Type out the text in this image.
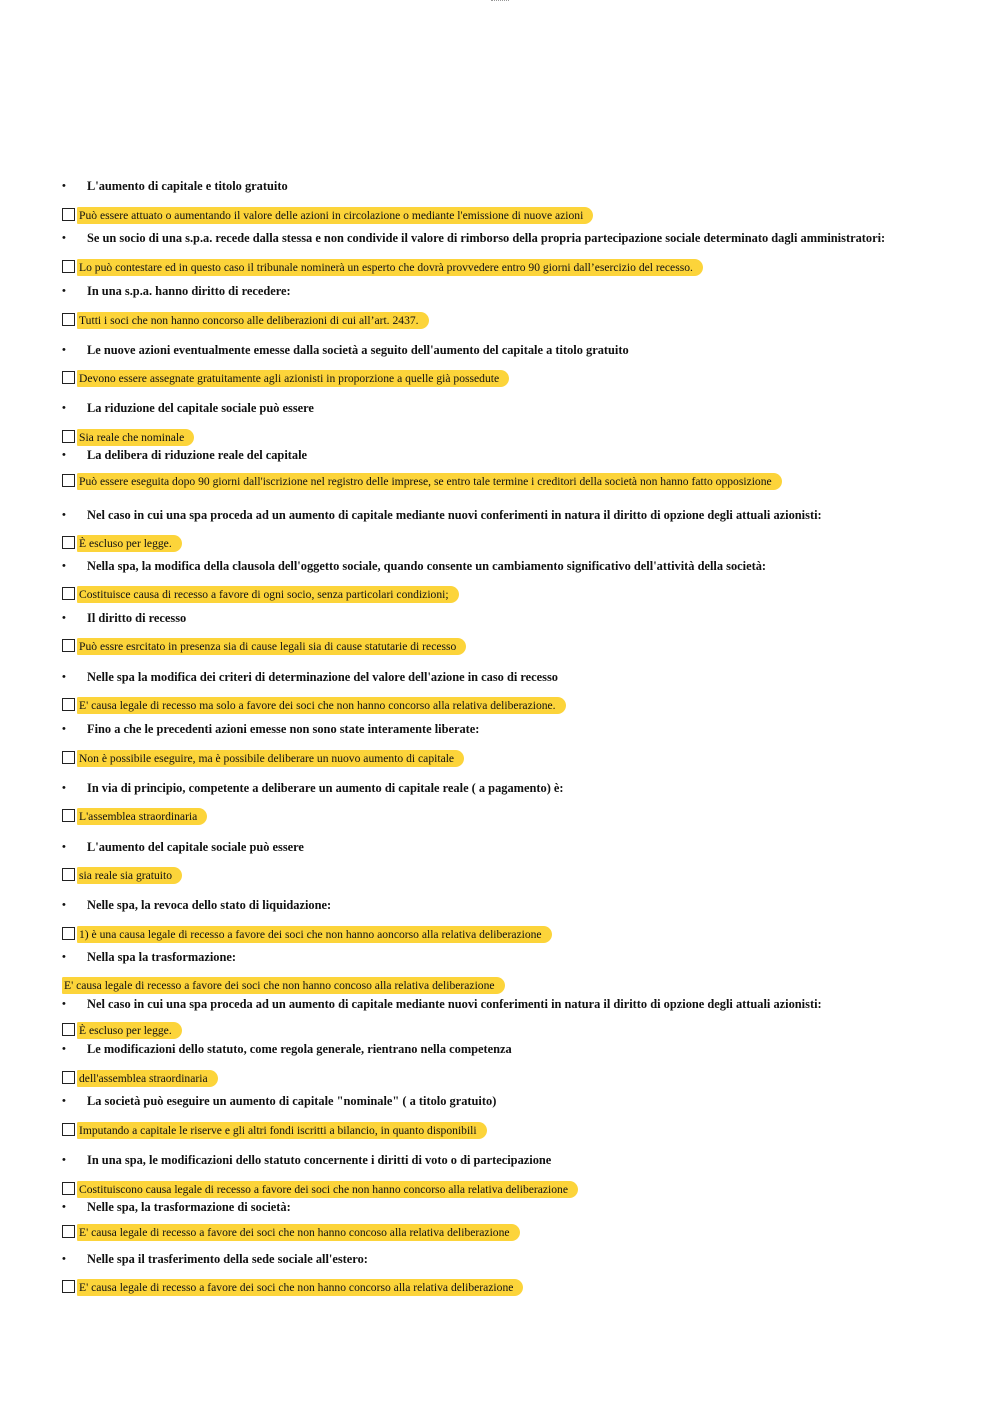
• L'aumento di capitale e titolo gratuito
Può essere attuato o aumentando il valore delle azioni in circolazione o mediante l'emissione di nuove azioni
• Se un socio di una s.p.a. recede dalla stessa e non condivide il valore di rimborso della propria partecipazione sociale determinato dagli amministratori:
Lo può contestare ed in questo caso il tribunale nominerà un esperto che dovrà provvedere entro 90 giorni dall’esercizio del recesso.
• In una s.p.a. hanno diritto di recedere:
Tutti i soci che non hanno concorso alle deliberazioni di cui all’art. 2437.
• Le nuove azioni eventualmente emesse dalla società a seguito dell'aumento del capitale a titolo gratuito
Devono essere assegnate gratuitamente agli azionisti in proporzione a quelle già possedute
• La riduzione del capitale sociale può essere
Sia reale che nominale
• La delibera di riduzione reale del capitale
Può essere eseguita dopo 90 giorni dall'iscrizione nel registro delle imprese, se entro tale termine i creditori della società non hanno fatto opposizione
• Nel caso in cui una spa proceda ad un aumento di capitale mediante nuovi conferimenti in natura il diritto di opzione degli attuali azionisti:
È escluso per legge.
• Nella spa, la modifica della clausola dell'oggetto sociale, quando consente un cambiamento significativo dell'attività della società:
Costituisce causa di recesso a favore di ogni socio, senza particolari condizioni;
• Il diritto di recesso
Può essre esrcitato in presenza sia di cause legali sia di cause statutarie di recesso
• Nelle spa la modifica dei criteri di determinazione del valore dell'azione in caso di recesso
E' causa legale di recesso ma solo a favore dei soci che non hanno concorso alla relativa deliberazione.
• Fino a che le precedenti azioni emesse non sono state interamente liberate:
Non è possibile eseguire, ma è possibile deliberare un nuovo aumento di capitale
• In via di principio, competente a deliberare un aumento di capitale reale ( a pagamento) è:
L'assemblea straordinaria
• L'aumento del capitale sociale può essere
sia reale sia gratuito
• Nelle spa, la revoca dello stato di liquidazione:
1) è una causa legale di recesso a favore dei soci che non hanno aoncorso alla relativa deliberazione
• Nella spa la trasformazione:
E' causa legale di recesso a favore dei soci che non hanno concoso alla relativa deliberazione
• Nel caso in cui una spa proceda ad un aumento di capitale mediante nuovi conferimenti in natura il diritto di opzione degli attuali azionisti:
È escluso per legge.
• Le modificazioni dello statuto, come regola generale, rientrano nella competenza
dell'assemblea straordinaria
• La società può eseguire un aumento di capitale "nominale" ( a titolo gratuito)
Imputando a capitale le riserve e gli altri fondi iscritti a bilancio, in quanto disponibili
• In una spa, le modificazioni dello statuto concernente i diritti di voto o di partecipazione
Costituiscono causa legale di recesso a favore dei soci che non hanno concorso alla relativa deliberazione
• Nelle spa, la trasformazione di società:
E' causa legale di recesso a favore dei soci che non hanno concoso alla relativa deliberazione
• Nelle spa il trasferimento della sede sociale all'estero:
E' causa legale di recesso a favore dei soci che non hanno concorso alla relativa deliberazione
